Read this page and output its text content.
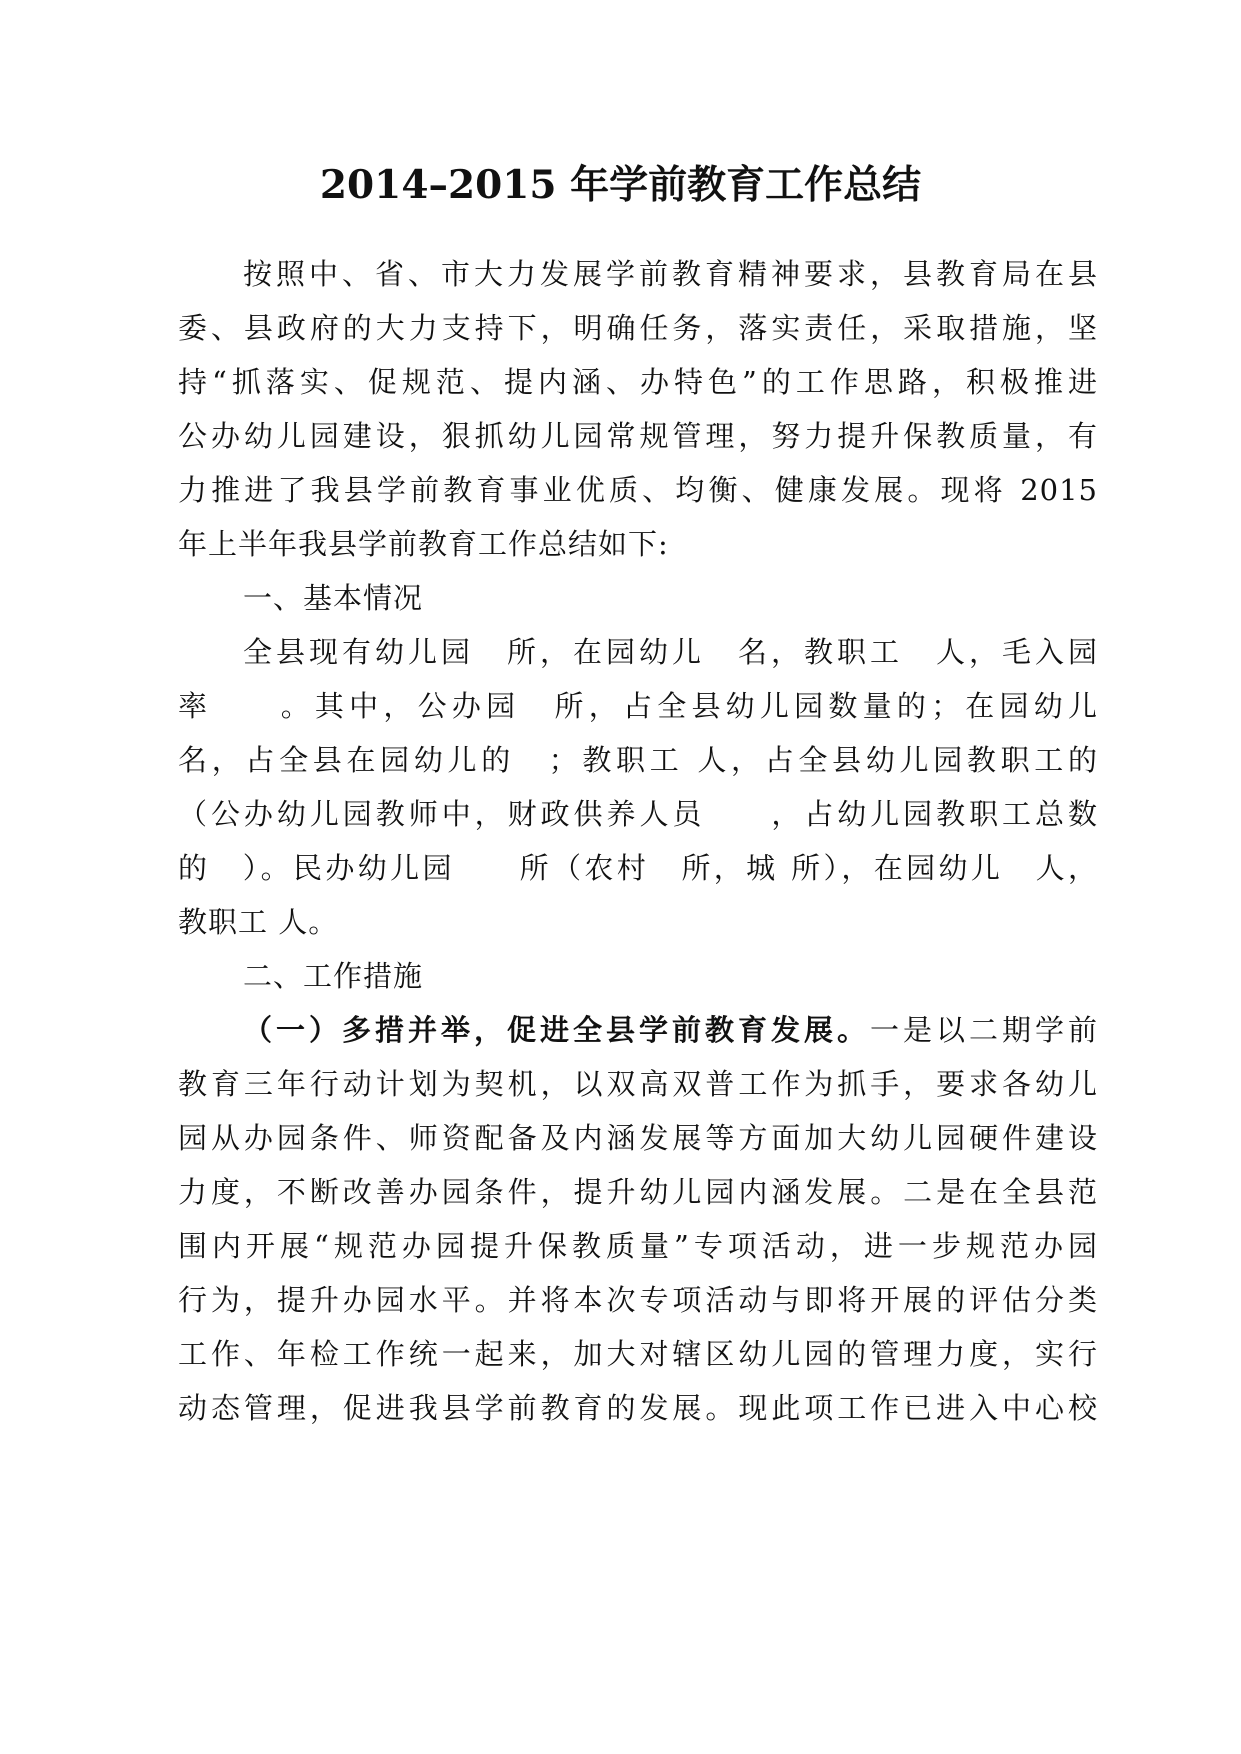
2014–2015 年学前教育工作总结
按照中、省、市大力发展学前教育精神要求，县教育局在县
委、县政府的大力支持下，明确任务，落实责任，采取措施，坚
持“抓落实、促规范、提内涵、办特色”的工作思路，积极推进
公办幼儿园建设，狠抓幼儿园常规管理，努力提升保教质量，有
力推进了我县学前教育事业优质、均衡、健康发展。现将 2015
年上半年我县学前教育工作总结如下:
一、基本情况
全县现有幼儿园　所，在园幼儿　名，教职工　人，毛入园
率　　。其中，公办园　所，占全县幼儿园数量的；在园幼儿
名，占全县在园幼儿的　；教职工 人，占全县幼儿园教职工的
（公办幼儿园教师中，财政供养人员　　，占幼儿园教职工总数
的　）。民办幼儿园　　所（农村　所，城 所），在园幼儿　人，
教职工 人。
二、工作措施
（一）多措并举，促进全县学前教育发展。一是以二期学前
教育三年行动计划为契机，以双高双普工作为抓手，要求各幼儿
园从办园条件、师资配备及内涵发展等方面加大幼儿园硬件建设
力度，不断改善办园条件，提升幼儿园内涵发展。二是在全县范
围内开展“规范办园提升保教质量”专项活动，进一步规范办园
行为，提升办园水平。并将本次专项活动与即将开展的评估分类
工作、年检工作统一起来，加大对辖区幼儿园的管理力度，实行
动态管理，促进我县学前教育的发展。现此项工作已进入中心校
